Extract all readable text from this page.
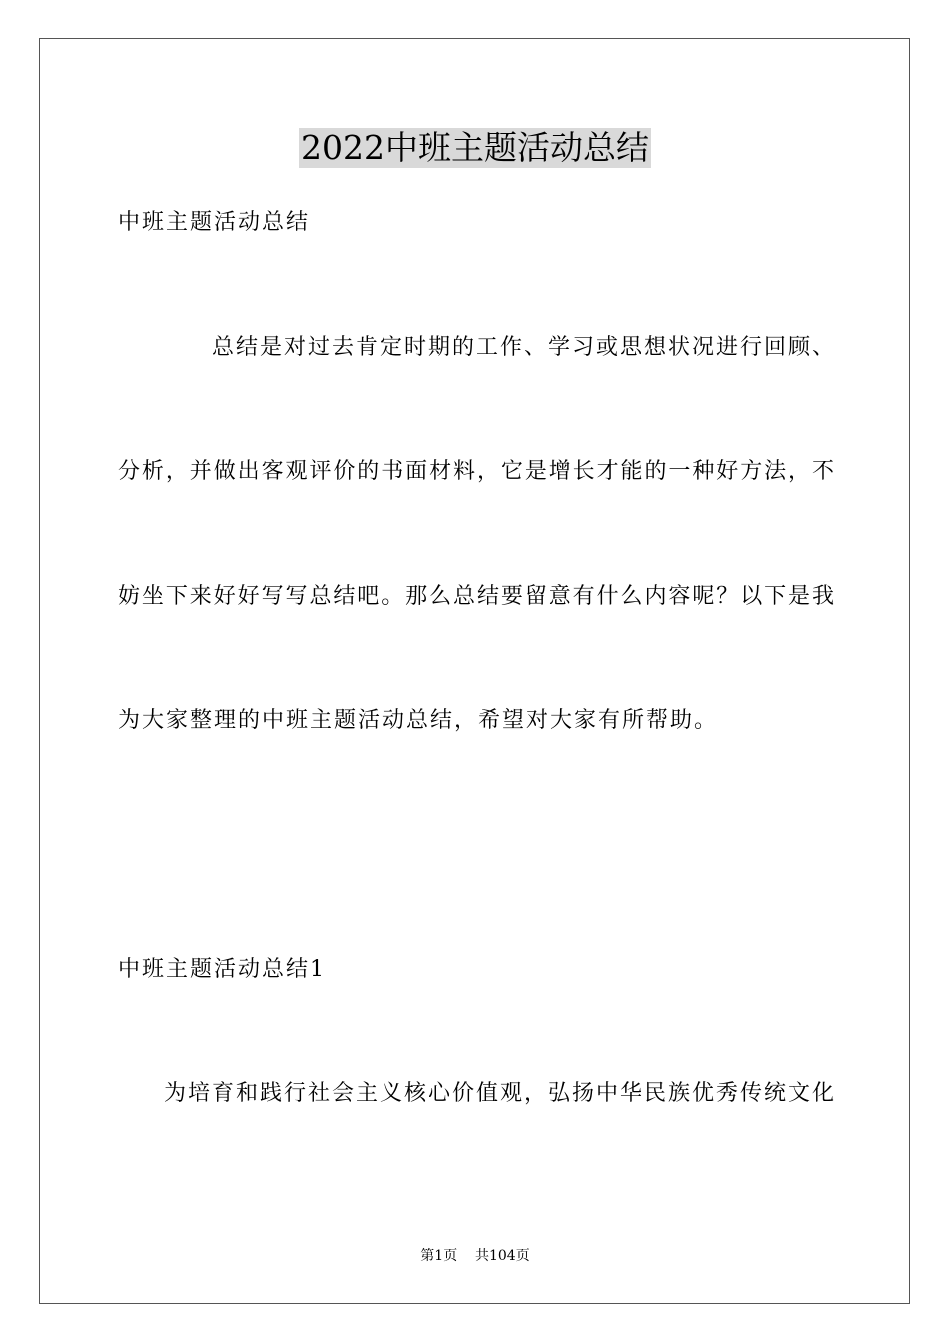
2022中班主题活动总结
中班主题活动总结
总结是对过去肯定时期的工作、学习或思想状况进行回顾、
分析，并做出客观评价的书面材料，它是增长才能的一种好方法，不
妨坐下来好好写写总结吧。那么总结要留意有什么内容呢？以下是我
为大家整理的中班主题活动总结，希望对大家有所帮助。
中班主题活动总结1
为培育和践行社会主义核心价值观，弘扬中华民族优秀传统文化
第1页    共104页
